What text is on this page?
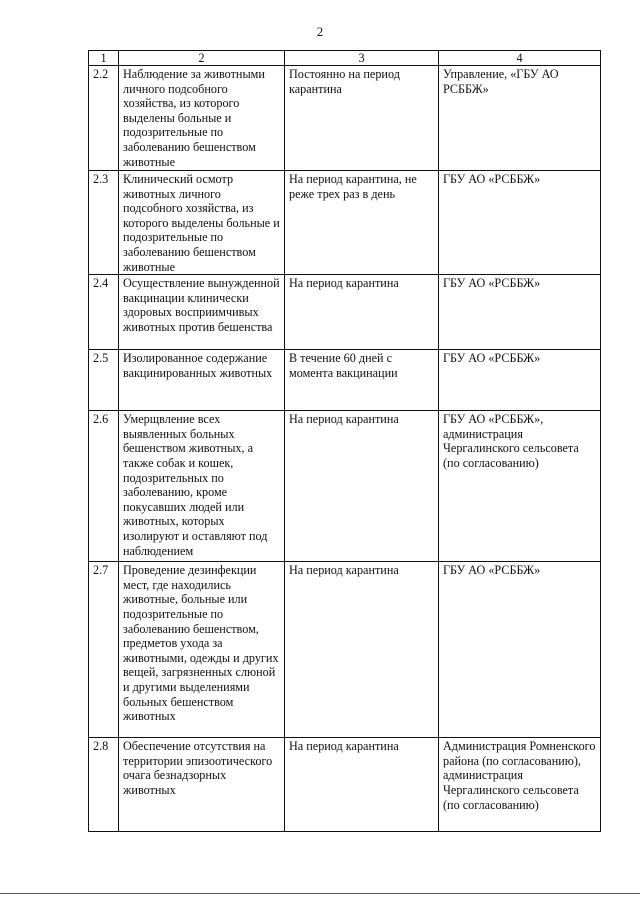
2
1	2	3	4
2.2	Наблюдение за животными личного подсобного хозяйства, из которого выделены больные и подозрительные по заболеванию бешенством животные	Постоянно на период карантина	Управление, «ГБУ АО РСББЖ»
2.3	Клинический осмотр животных личного подсобного хозяйства, из которого выделены больные и подозрительные по заболеванию бешенством животные	На период карантина, не реже трех раз в день	ГБУ АО «РСББЖ»
2.4	Осуществление вынужденной вакцинации клинически здоровых восприимчивых животных против бешенства	На период карантина	ГБУ АО «РСББЖ»
2.5	Изолированное содержание вакцинированных животных	В течение 60 дней с момента вакцинации	ГБУ АО «РСББЖ»
2.6	Умерщвление всех выявленных больных бешенством животных, а также собак и кошек, подозрительных по заболеванию, кроме покусавших людей или животных, которых изолируют и оставляют под наблюдением	На период карантина	ГБУ АО «РСББЖ», администрация Чергалинского сельсовета (по согласованию)
2.7	Проведение дезинфекции мест, где находились животные, больные или подозрительные по заболеванию бешенством, предметов ухода за животными, одежды и других вещей, загрязненных слюной и другими выделениями больных бешенством животных	На период карантина	ГБУ АО «РСББЖ»
2.8	Обеспечение отсутствия на территории эпизоотического очага безнадзорных животных	На период карантина	Администрация Ромненского района (по согласованию), администрация Чергалинского сельсовета (по согласованию)
